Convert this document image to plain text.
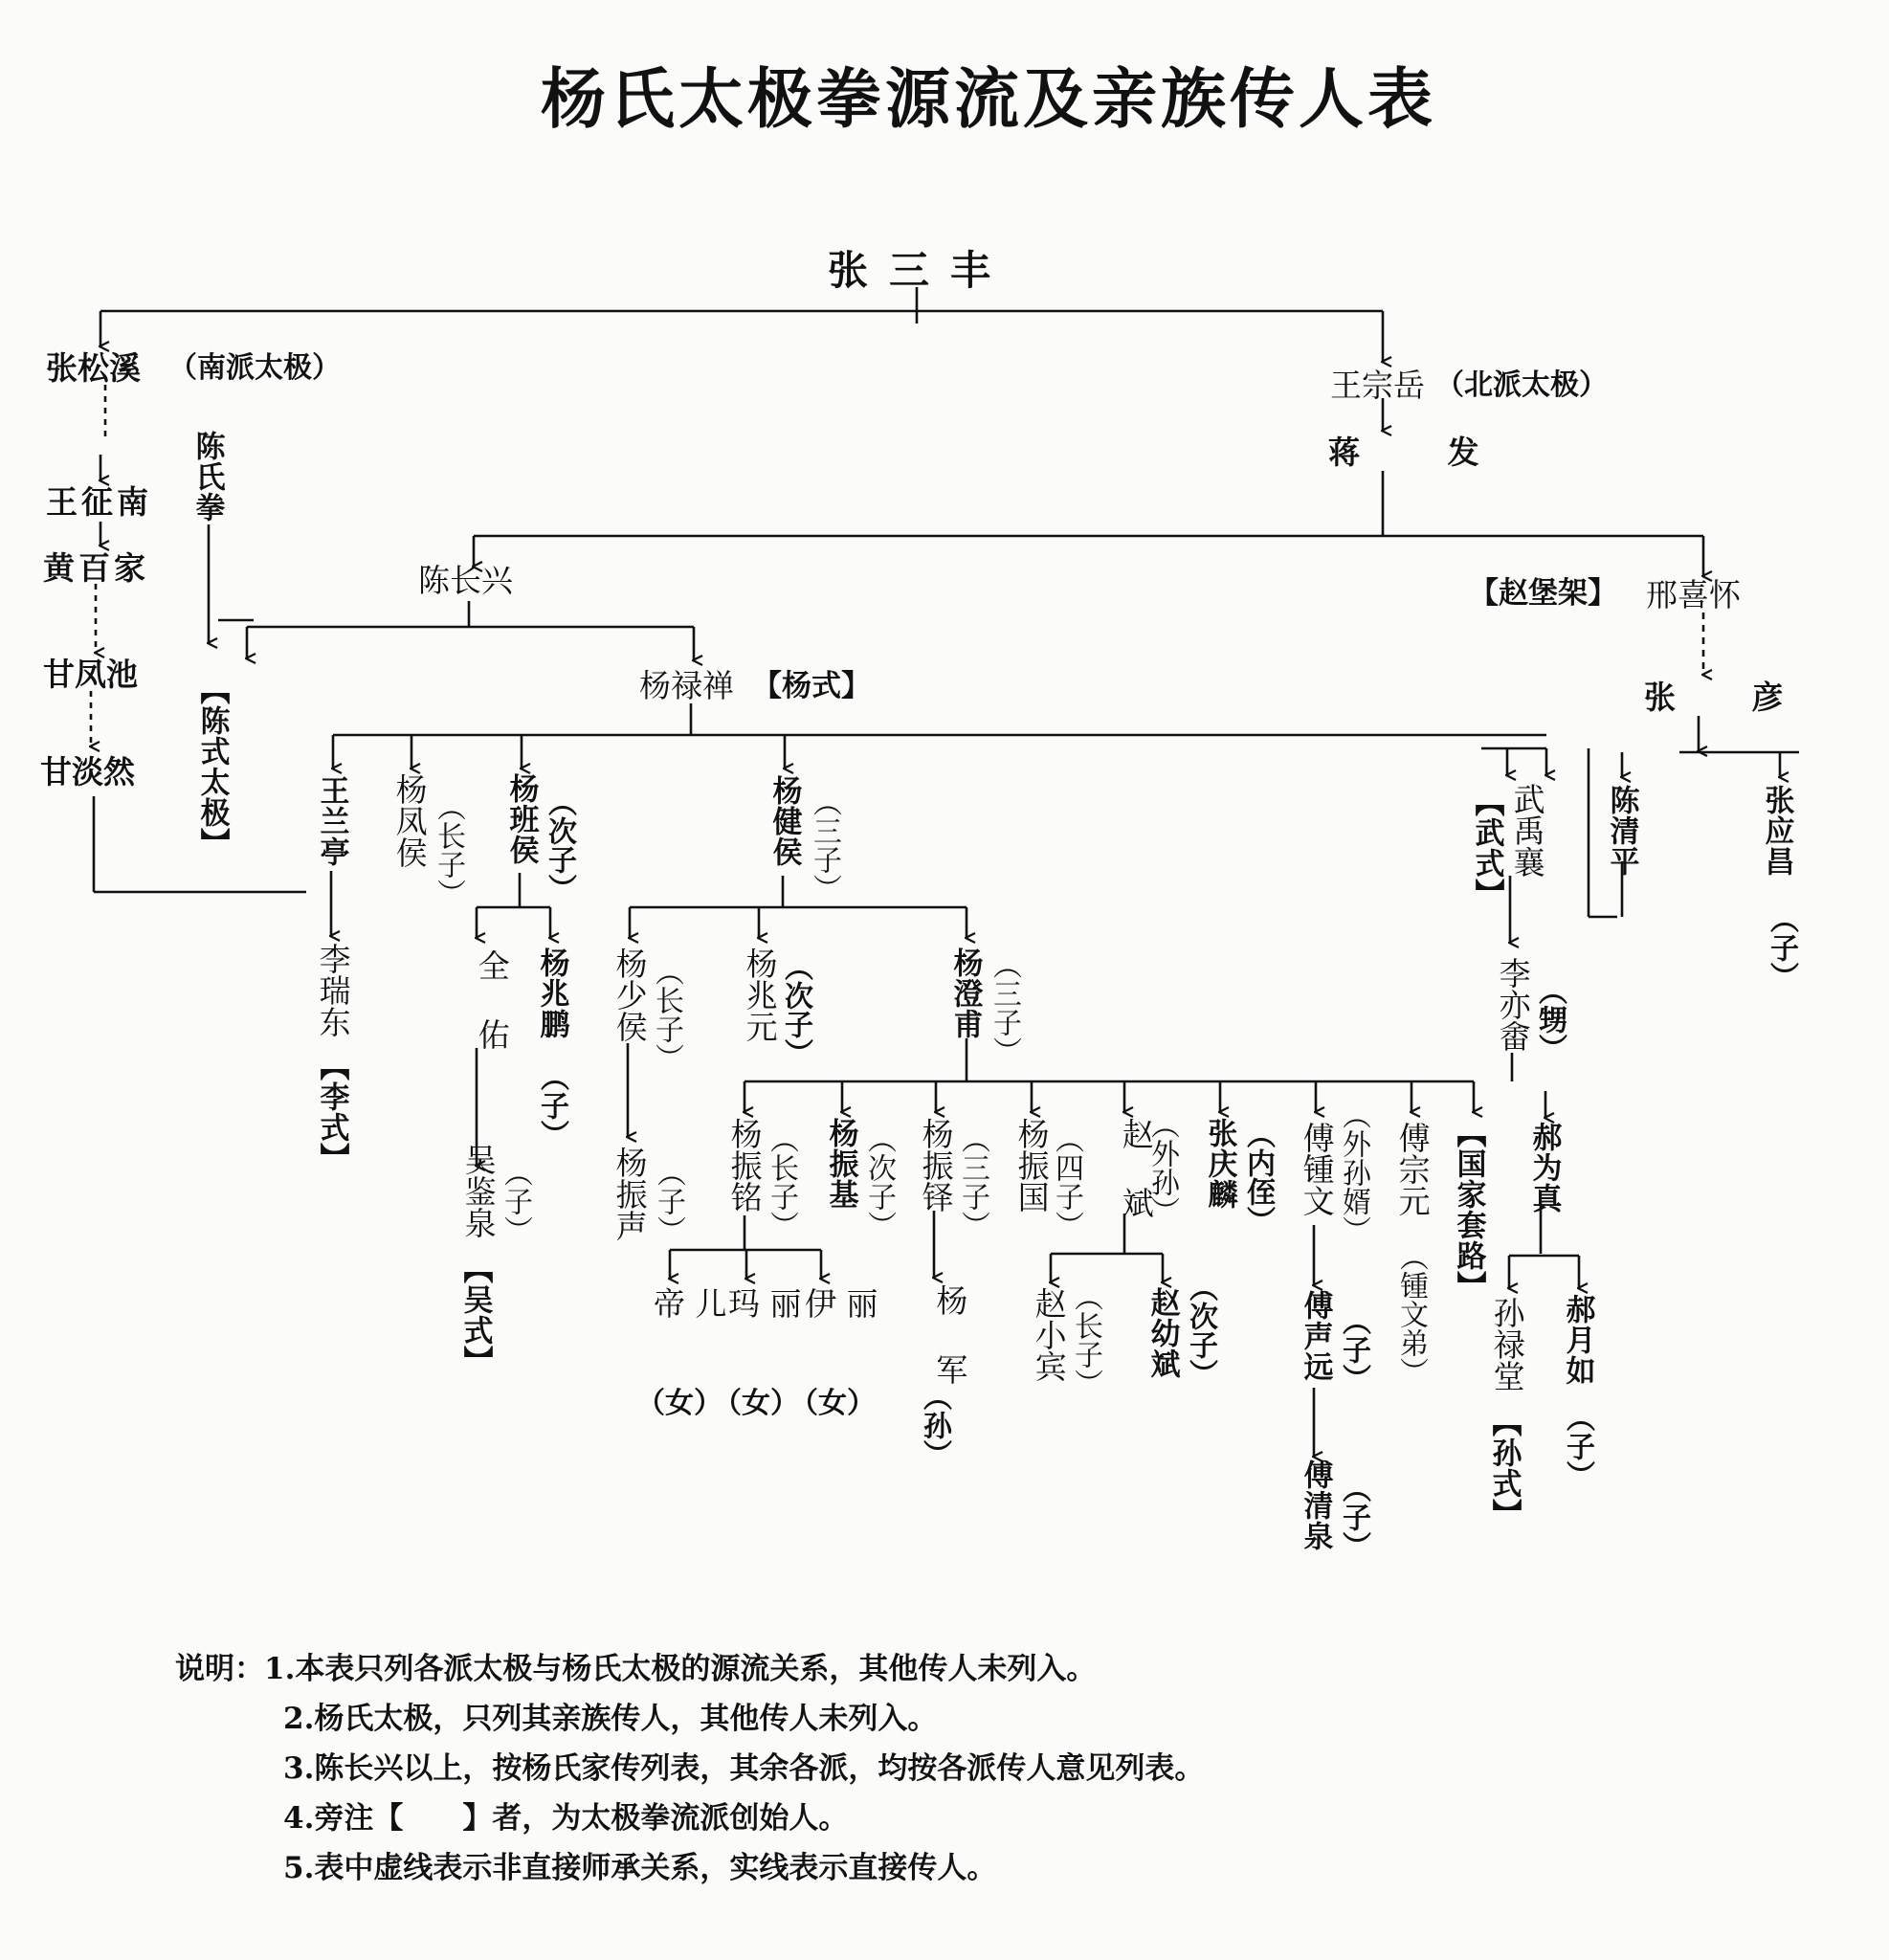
杨氏太极拳源流及亲族传人表
张三丰
张松溪 （南派太极）	王宗岳 （北派太极）
蒋 发
王征南
黄百家
甘凤池
甘淡然
陈氏拳
【陈式太极】
陈长兴	【赵堡架】 邢喜怀
张 彦
杨禄禅 【杨式】
王兰亭 杨凤侯 （长子） 杨班侯 （次子）	杨健侯 （三子）	武禹襄
【武式】	陈清平	张应昌
（子）
李瑞东
【李式】
全 佑 杨兆鹏
（子）
杨少侯 （长子） 杨兆元 （次子）	杨澄甫 （三子）	李亦畬 （甥）
吴鉴泉 （子）
【吴式】
杨振声 （子） 杨振铭 （长子） 杨振基 （次子） 杨振铎 （三子） 杨振国 （四子） 赵 斌
（外孙） 张庆麟 （内侄） 傅锺文 （外孙婿） 傅宗元
（锺文弟）
【国家套路】 郝为真
帝 儿 玛 丽 伊 丽
（女）
（女）
（女）
杨 军
（孙）
赵小宾 （长子） 赵幼斌 （次子）	傅声远 （子）
傅清泉 （子）
孙禄堂
【孙式】
郝月如
（子）
说明：1.本表只列各派太极与杨氏太极的源流关系，其他传人未列入。
2.杨氏太极，只列其亲族传人，其他传人未列入。
3.陈长兴以上，按杨氏家传列表，其余各派，均按各派传人意见列表。
4.旁注【　　】者，为太极拳流派创始人。
5.表中虚线表示非直接师承关系，实线表示直接传人。
